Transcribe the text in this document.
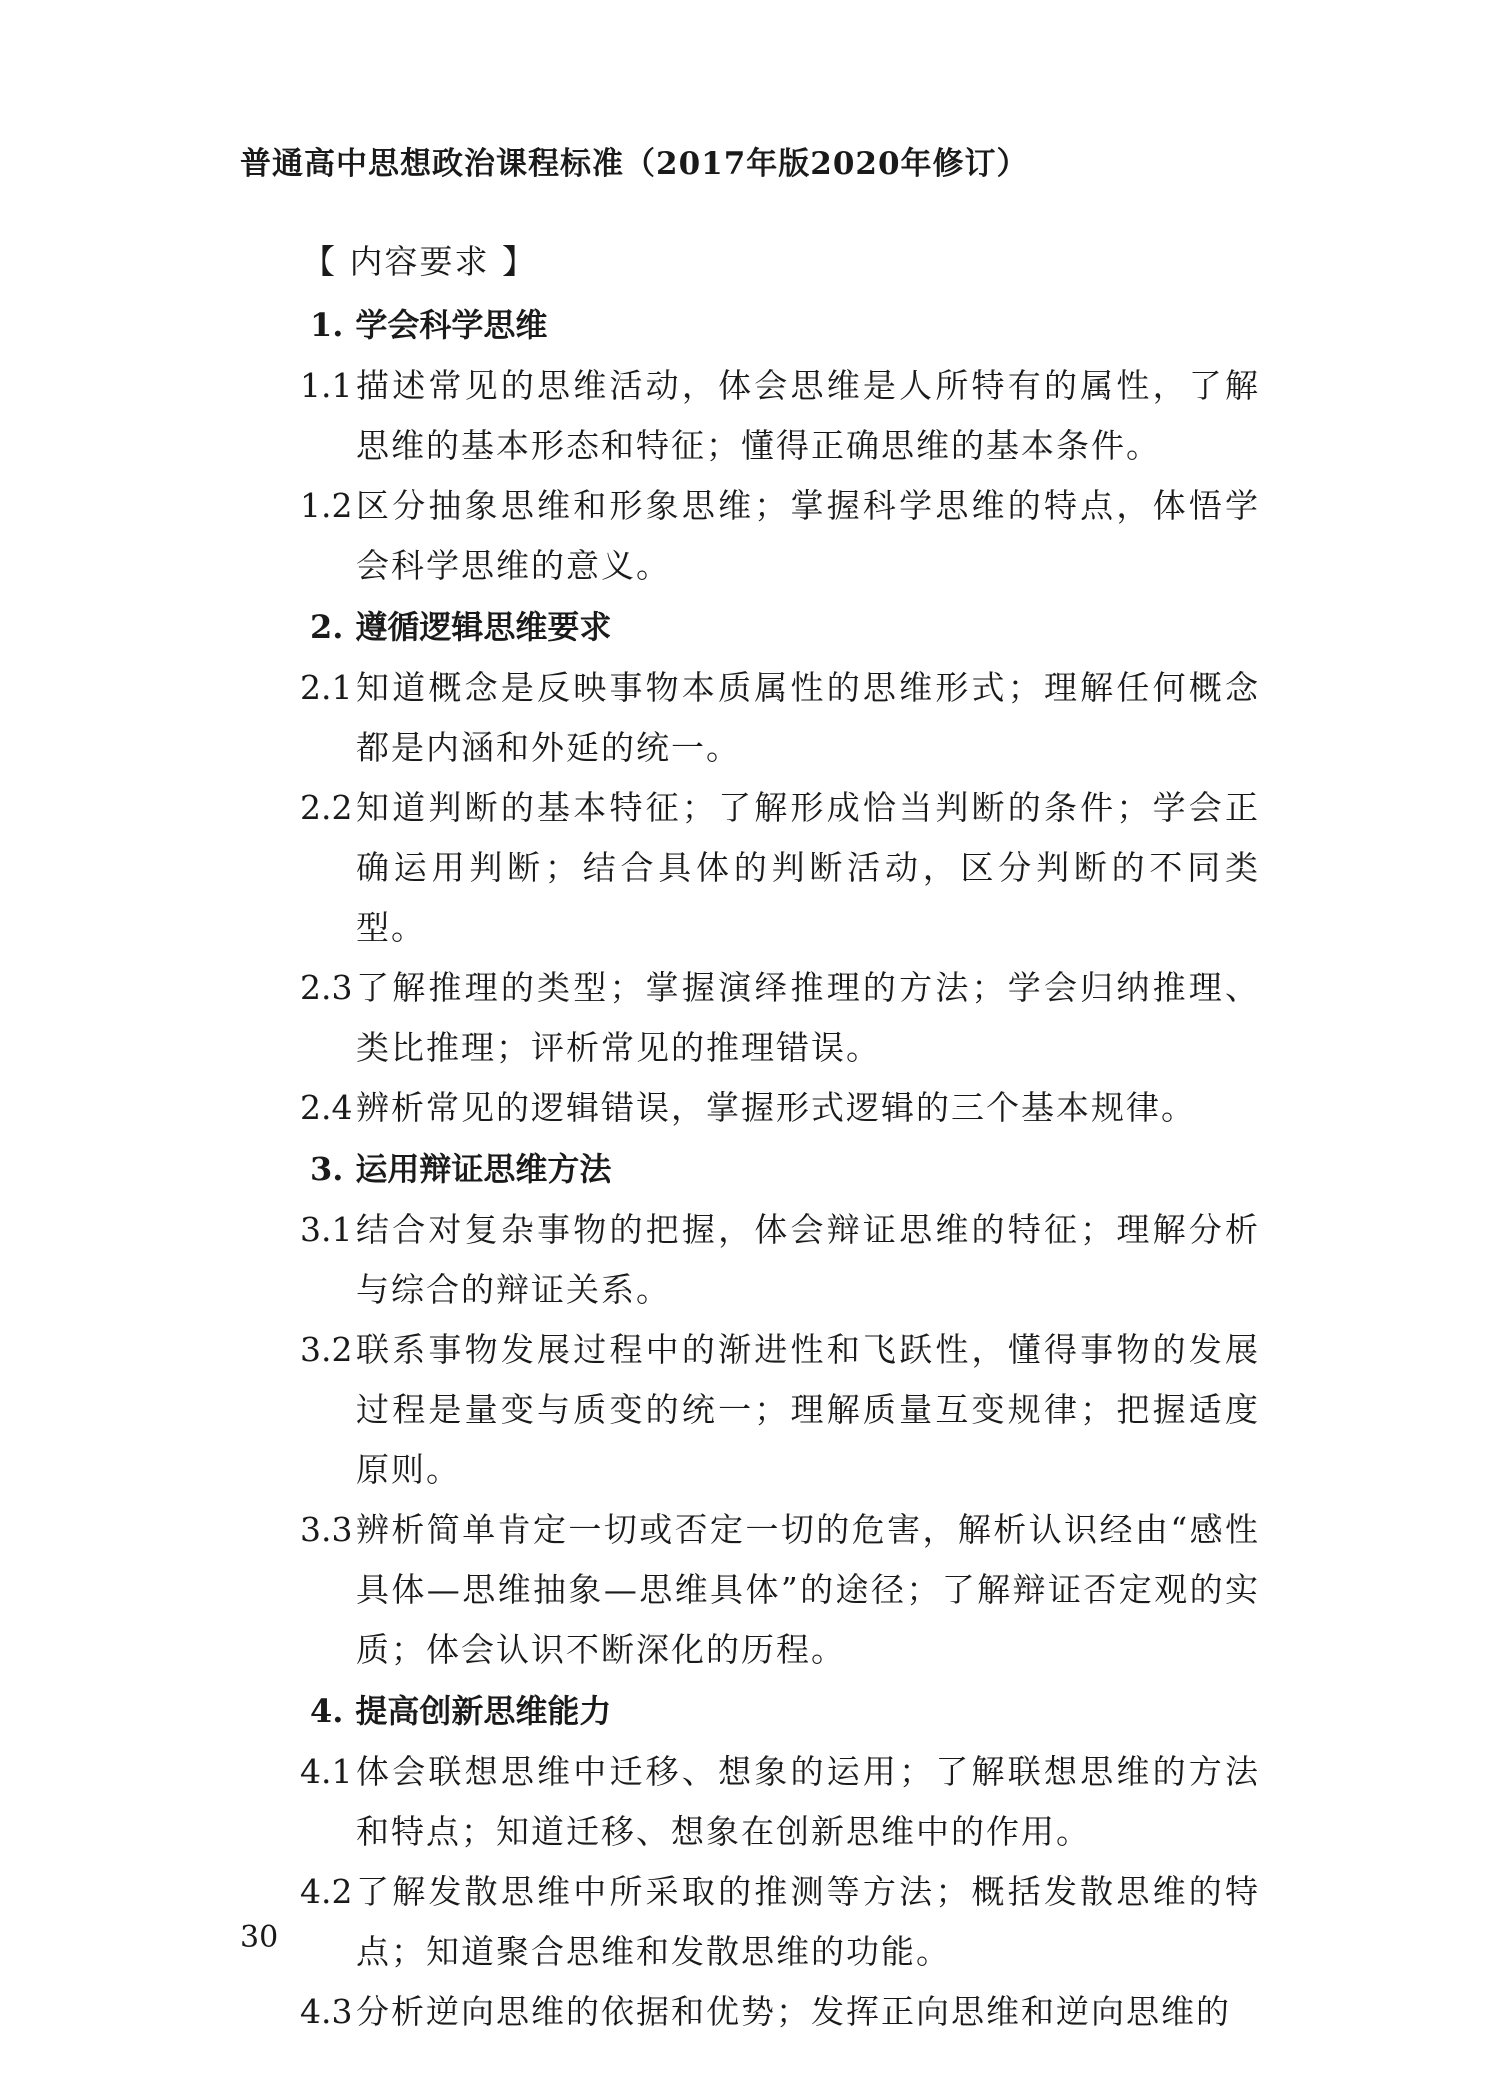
普通高中思想政治课程标准（2017年版2020年修订）
【 内容要求 】
1. 学会科学思维
1.1 描述常见的思维活动，体会思维是人所特有的属性，了解思维的基本形态和特征；懂得正确思维的基本条件。
1.2 区分抽象思维和形象思维；掌握科学思维的特点，体悟学会科学思维的意义。
2. 遵循逻辑思维要求
2.1 知道概念是反映事物本质属性的思维形式；理解任何概念都是内涵和外延的统一。
2.2 知道判断的基本特征；了解形成恰当判断的条件；学会正确运用判断；结合具体的判断活动，区分判断的不同类型。
2.3 了解推理的类型；掌握演绎推理的方法；学会归纳推理、类比推理；评析常见的推理错误。
2.4 辨析常见的逻辑错误，掌握形式逻辑的三个基本规律。
3. 运用辩证思维方法
3.1 结合对复杂事物的把握，体会辩证思维的特征；理解分析与综合的辩证关系。
3.2 联系事物发展过程中的渐进性和飞跃性，懂得事物的发展过程是量变与质变的统一；理解质量互变规律；把握适度原则。
3.3 辨析简单肯定一切或否定一切的危害，解析认识经由“感性具体—思维抽象—思维具体”的途径；了解辩证否定观的实质；体会认识不断深化的历程。
4. 提高创新思维能力
4.1 体会联想思维中迁移、想象的运用；了解联想思维的方法和特点；知道迁移、想象在创新思维中的作用。
4.2 了解发散思维中所采取的推测等方法；概括发散思维的特点；知道聚合思维和发散思维的功能。
4.3 分析逆向思维的依据和优势；发挥正向思维和逆向思维的
30
